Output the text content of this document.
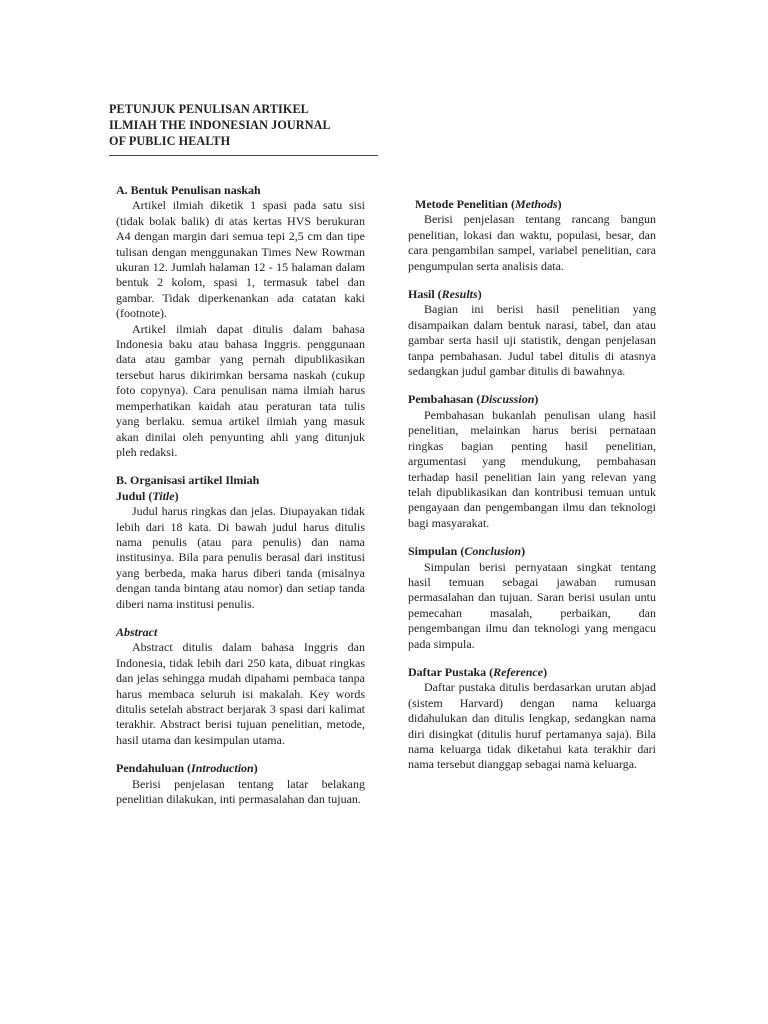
PETUNJUK PENULISAN ARTIKEL
ILMIAH THE INDONESIAN JOURNAL
OF PUBLIC HEALTH

A. Bentuk Penulisan naskah

Artikel ilmiah diketik 1 spasi pada satu sisi (tidak bolak balik) di atas kertas HVS berukuran A4 dengan margin dari semua tepi 2,5 cm dan tipe tulisan dengan menggunakan Times New Rowman ukuran 12. Jumlah halaman 12 - 15 halaman dalam bentuk 2 kolom, spasi 1, termasuk tabel dan gambar. Tidak diperkenankan ada catatan kaki (footnote).

Artikel ilmiah dapat ditulis dalam bahasa Indonesia baku atau bahasa Inggris. penggunaan data atau gambar yang pernah dipublikasikan tersebut harus dikirimkan bersama naskah (cukup foto copynya). Cara penulisan nama ilmiah harus memperhatikan kaidah atau peraturan tata tulis yang berlaku. semua artikel ilmiah yang masuk akan dinilai oleh penyunting ahli yang ditunjuk pleh redaksi.

B. Organisasi artikel Ilmiah

Judul (Title)

Judul harus ringkas dan jelas. Diupayakan tidak lebih dari 18 kata. Di bawah judul harus ditulis nama penulis (atau para penulis) dan nama institusinya. Bila para penulis berasal dari institusi yang berbeda, maka harus diberi tanda (misalnya dengan tanda bintang atau nomor) dan setiap tanda diberi nama institusi penulis.

Abstract

Abstract ditulis dalam bahasa Inggris dan Indonesia, tidak lebih dari 250 kata, dibuat ringkas dan jelas sehingga mudah dipahami pembaca tanpa harus membaca seluruh isi makalah. Key words ditulis setelah abstract berjarak 3 spasi dari kalimat terakhir. Abstract berisi tujuan penelitian, metode, hasil utama dan kesimpulan utama.

Pendahuluan (Introduction)

Berisi penjelasan tentang latar belakang penelitian dilakukan, inti permasalahan dan tujuan.

Metode Penelitian (Methods)

Berisi penjelasan tentang rancang bangun penelitian, lokasi dan waktu, populasi, besar, dan cara pengambilan sampel, variabel penelitian, cara pengumpulan serta analisis data.

Hasil (Results)

Bagian ini berisi hasil penelitian yang disampaikan dalam bentuk narasi, tabel, dan atau gambar serta hasil uji statistik, dengan penjelasan tanpa pembahasan. Judul tabel ditulis di atasnya sedangkan judul gambar ditulis di bawahnya.

Pembahasan (Discussion)

Pembahasan bukanlah penulisan ulang hasil penelitian, melainkan harus berisi pernataan ringkas bagian penting hasil penelitian, argumentasi yang mendukung, pembahasan terhadap hasil penelitian lain yang relevan yang telah dipublikasikan dan kontribusi temuan untuk pengayaan dan pengembangan ilmu dan teknologi bagi masyarakat.

Simpulan (Conclusion)

Simpulan berisi pernyataan singkat tentang hasil temuan sebagai jawaban rumusan permasalahan dan tujuan. Saran berisi usulan untu pemecahan masalah, perbaikan, dan pengembangan ilmu dan teknologi yang mengacu pada simpula.

Daftar Pustaka (Reference)

Daftar pustaka ditulis berdasarkan urutan abjad (sistem Harvard) dengan nama keluarga didahulukan dan ditulis lengkap, sedangkan nama diri disingkat (ditulis huruf pertamanya saja). Bila nama keluarga tidak diketahui kata terakhir dari nama tersebut dianggap sebagai nama keluarga.
